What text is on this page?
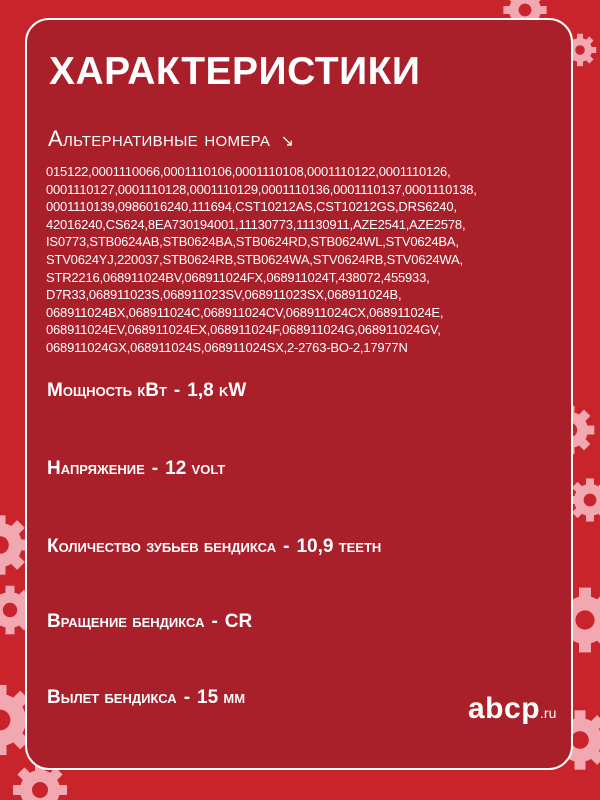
ХАРАКТЕРИСТИКИ
Альтернативные номера ↘
015122,0001110066,0001110106,0001110108,0001110122,0001110126, 0001110127,0001110128,0001110129,0001110136,0001110137,0001110138, 0001110139,0986016240,111694,CST10212AS,CST10212GS,DRS6240, 42016240,CS624,8EA730194001,11130773,11130911,AZE2541,AZE2578, IS0773,STB0624AB,STB0624BA,STB0624RD,STB0624WL,STV0624BA, STV0624YJ,220037,STB0624RB,STB0624WA,STV0624RB,STV0624WA, STR2216,068911024BV,068911024FX,068911024T,438072,455933, D7R33,068911023S,068911023SV,068911023SX,068911024B, 068911024BX,068911024C,068911024CV,068911024CX,068911024E, 068911024EV,068911024EX,068911024F,068911024G,068911024GV, 068911024GX,068911024S,068911024SX,2-2763-BO-2,17977N
Мощность кВт - 1,8 kW
Напряжение - 12 volt
Количество зубьев бендикса - 10,9 teeth
Вращение бендикса - CR
Вылет бендикса - 15 мм	abcp.ru
